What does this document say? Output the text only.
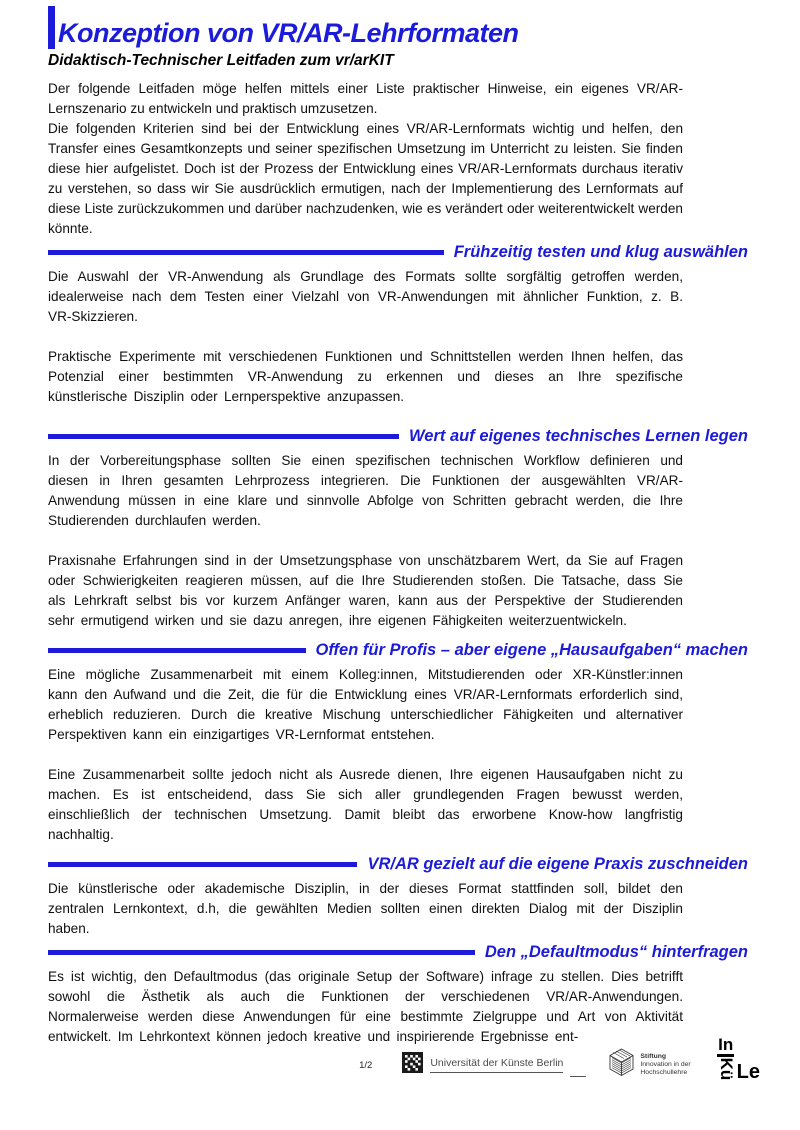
Konzeption von VR/AR-Lehrformaten
Didaktisch-Technischer Leitfaden zum vr/arKIT

Der folgende Leitfaden möge helfen mittels einer Liste praktischer Hinweise, ein eigenes VR/AR-Lernszenario zu entwickeln und praktisch umzusetzen.

Die folgenden Kriterien sind bei der Entwicklung eines VR/AR-Lernformats wichtig und helfen, den Transfer eines Gesamtkonzepts und seiner spezifischen Umsetzung im Unterricht zu leisten. Sie finden diese hier aufgelistet. Doch ist der Prozess der Entwicklung eines VR/AR-Lernformats durchaus iterativ zu verstehen, so dass wir Sie ausdrücklich ermutigen, nach der Implementierung des Lernformats auf diese Liste zurückzukommen und darüber nachzudenken, wie es verändert oder weiterentwickelt werden könnte.

Frühzeitig testen und klug auswählen

Die Auswahl der VR-Anwendung als Grundlage des Formats sollte sorgfältig getroffen werden, idealerweise nach dem Testen einer Vielzahl von VR-Anwendungen mit ähnlicher Funktion, z. B. VR-Skizzieren.

Praktische Experimente mit verschiedenen Funktionen und Schnittstellen werden Ihnen helfen, das Potenzial einer bestimmten VR-Anwendung zu erkennen und dieses an Ihre spezifische künstlerische Disziplin oder Lernperspektive anzupassen.

Wert auf eigenes technisches Lernen legen

In der Vorbereitungsphase sollten Sie einen spezifischen technischen Workflow definieren und diesen in Ihren gesamten Lehrprozess integrieren. Die Funktionen der ausgewählten VR/AR-Anwendung müssen in eine klare und sinnvolle Abfolge von Schritten gebracht werden, die Ihre Studierenden durchlaufen werden.

Praxisnahe Erfahrungen sind in der Umsetzungsphase von unschätzbarem Wert, da Sie auf Fragen oder Schwierigkeiten reagieren müssen, auf die Ihre Studierenden stoßen. Die Tatsache, dass Sie als Lehrkraft selbst bis vor kurzem Anfänger waren, kann aus der Perspektive der Studierenden sehr ermutigend wirken und sie dazu anregen, ihre eigenen Fähigkeiten weiterzuentwickeln.

Offen für Profis – aber eigene „Hausaufgaben“ machen

Eine mögliche Zusammenarbeit mit einem Kolleg:innen, Mitstudierenden oder XR-Künstler:innen kann den Aufwand und die Zeit, die für die Entwicklung eines VR/AR-Lernformats erforderlich sind, erheblich reduzieren. Durch die kreative Mischung unterschiedlicher Fähigkeiten und alternativer Perspektiven kann ein einzigartiges VR-Lernformat entstehen.

Eine Zusammenarbeit sollte jedoch nicht als Ausrede dienen, Ihre eigenen Hausaufgaben nicht zu machen. Es ist entscheidend, dass Sie sich aller grundlegenden Fragen bewusst werden, einschließlich der technischen Umsetzung. Damit bleibt das erworbene Know-how langfristig nachhaltig.

VR/AR gezielt auf die eigene Praxis zuschneiden

Die künstlerische oder akademische Disziplin, in der dieses Format stattfinden soll, bildet den zentralen Lernkontext, d.h, die gewählten Medien sollten einen direkten Dialog mit der Disziplin haben.

Den „Defaultmodus“ hinterfragen

Es ist wichtig, den Defaultmodus (das originale Setup der Software) infrage zu stellen. Dies betrifft sowohl die Ästhetik als auch die Funktionen der verschiedenen VR/AR-Anwendungen. Normalerweise werden diese Anwendungen für eine bestimmte Zielgruppe und Art von Aktivität entwickelt. Im Lehrkontext können jedoch kreative und inspirierende Ergebnisse ent-

1/2	Universität der Künste Berlin
Stiftung
Innovation in der
Hochschullehre
In
Kü Le
